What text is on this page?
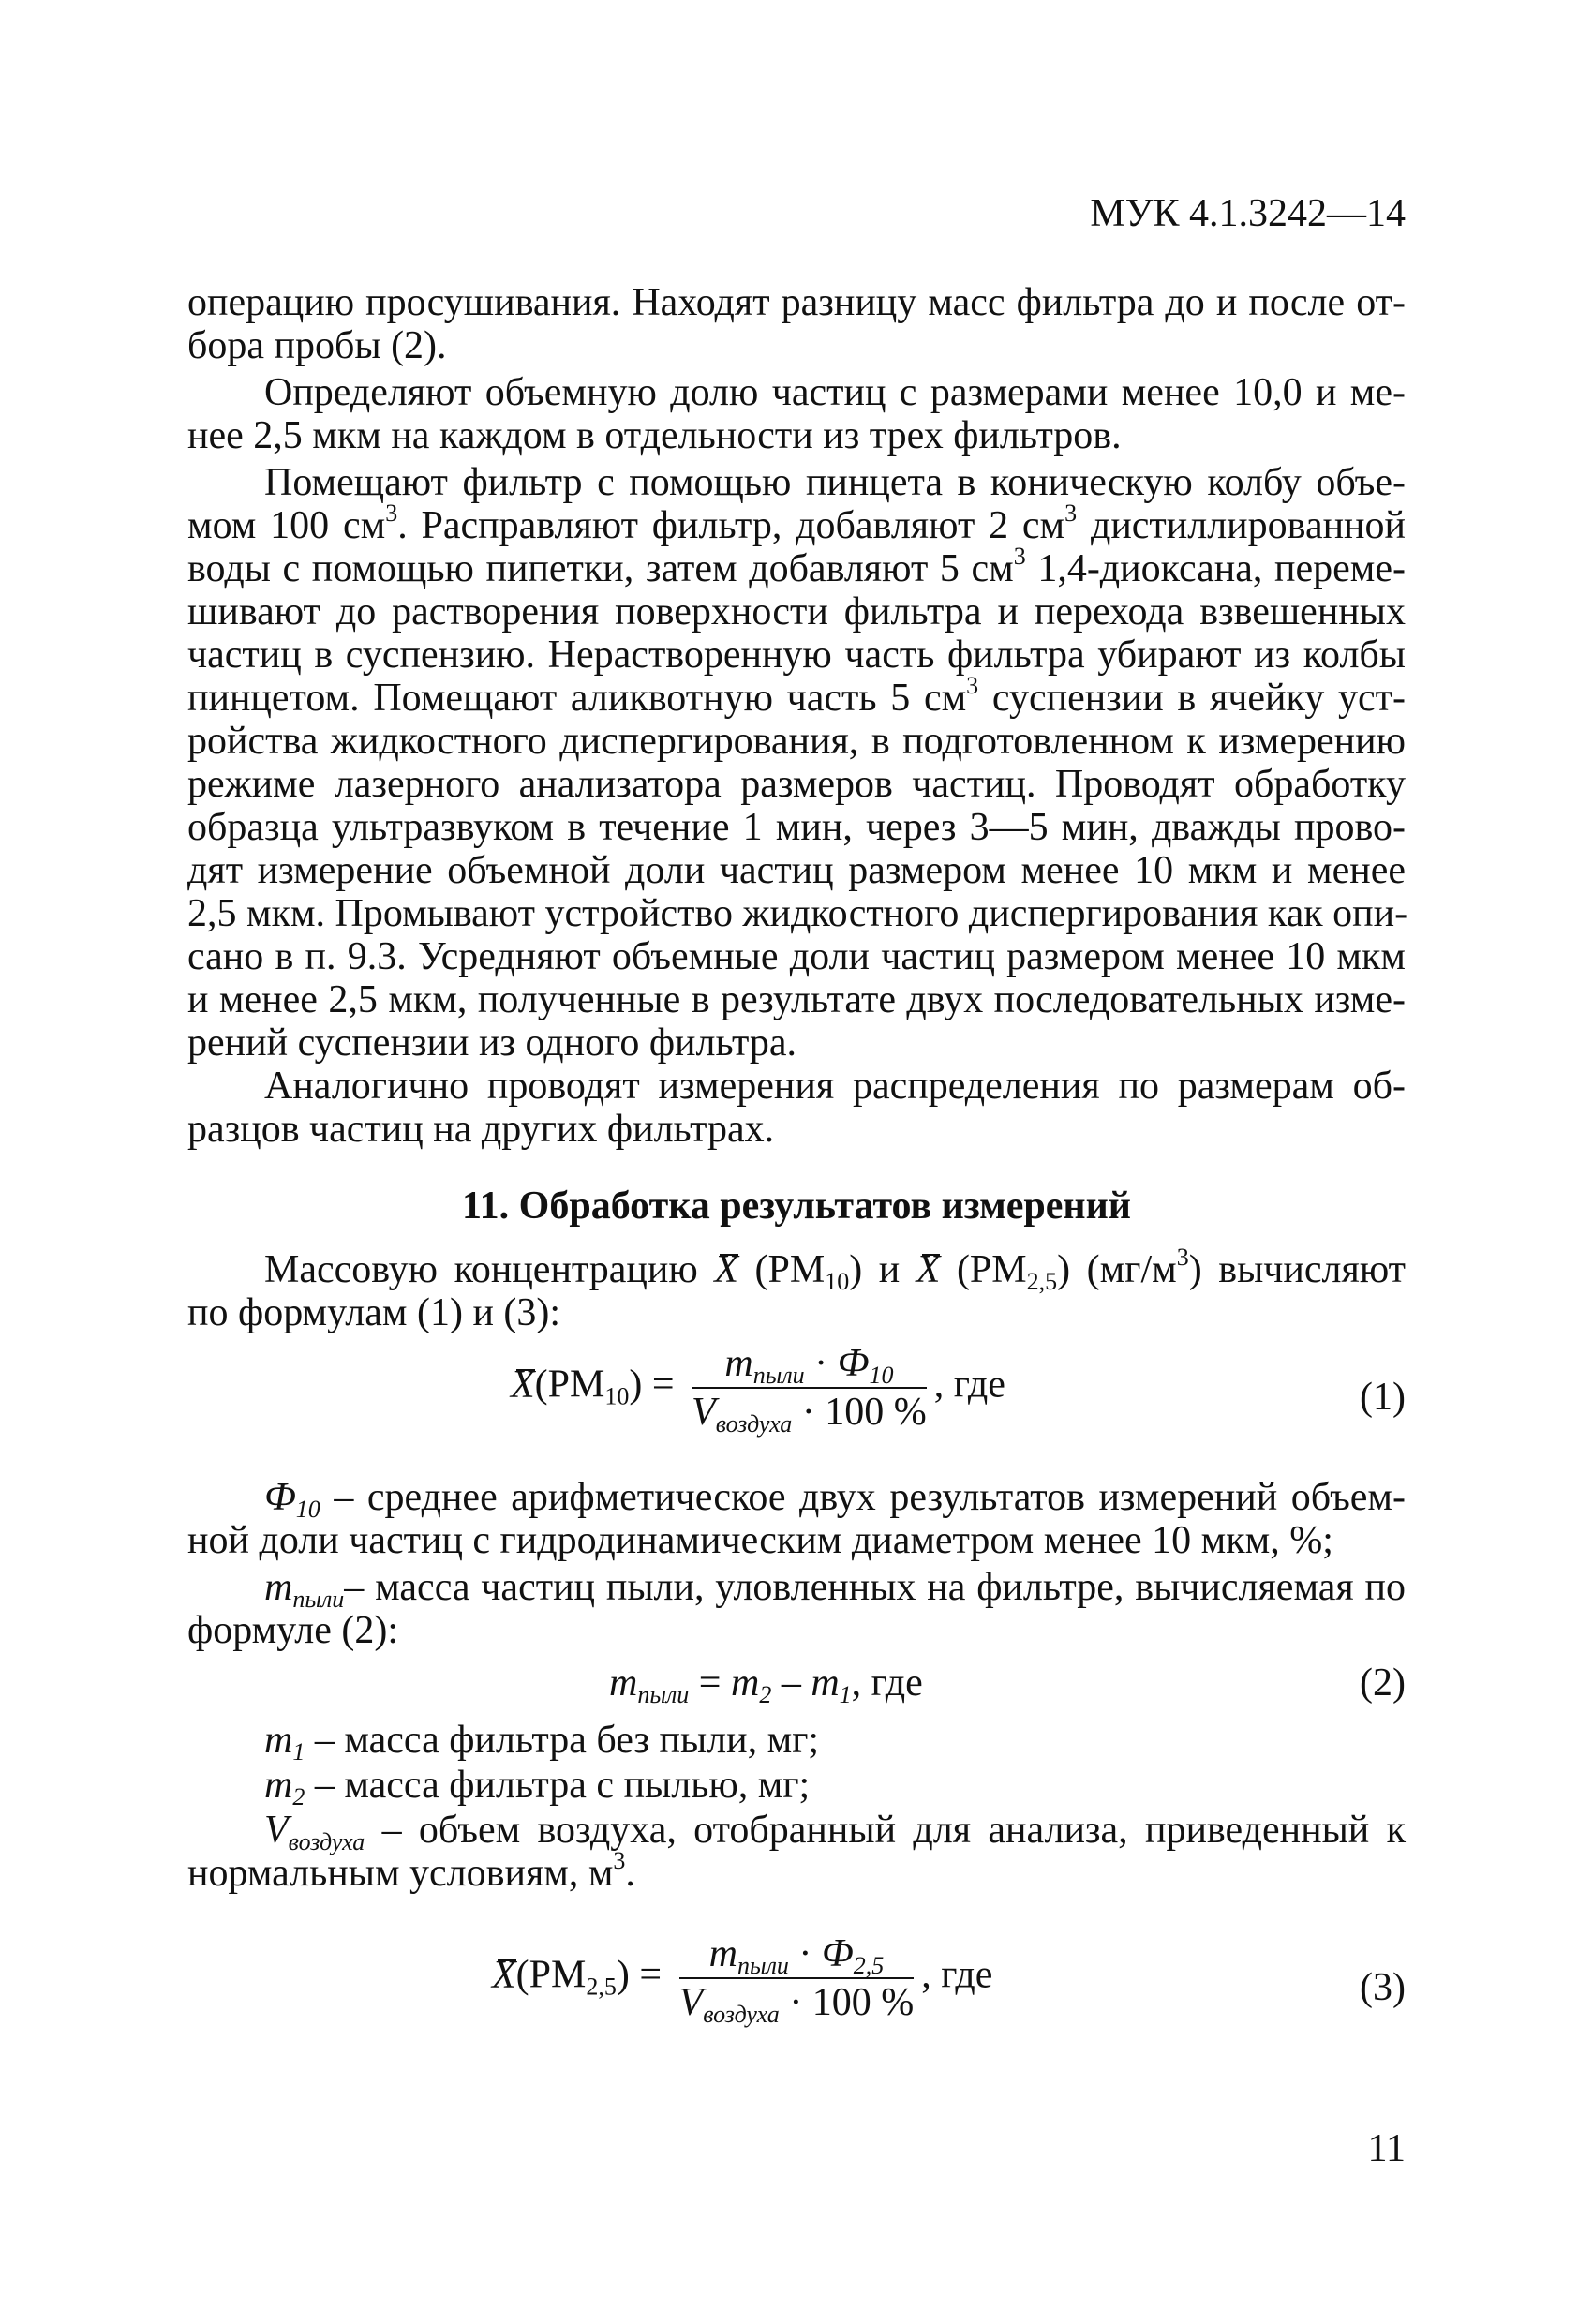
МУК 4.1.3242—14
операцию просушивания. Находят разницу масс фильтра до и после от-
бора пробы (2).
Определяют объемную долю частиц с размерами менее 10,0 и ме-
нее 2,5 мкм на каждом в отдельности из трех фильтров.
Помещают фильтр с помощью пинцета в коническую колбу объе-
мом 100 $см^3$. Расправляют фильтр, добавляют 2 $см^3$ дистиллированной
воды с помощью пипетки, затем добавляют 5 $см^3$ 1,4-диоксана, переме-
шивают до растворения поверхности фильтра и перехода взвешенных
частиц в суспензию. Нерастворенную часть фильтра убирают из колбы
пинцетом. Помещают аликвотную часть 5 $см^3$ суспензии в ячейку уст-
ройства жидкостного диспергирования, в подготовленном к измерению
режиме лазерного анализатора размеров частиц. Проводят обработку
образца ультразвуком в течение 1 мин, через 3—5 мин, дважды прово-
дят измерение объемной доли частиц размером менее 10 мкм и менее
2,5 мкм. Промывают устройство жидкостного диспергирования как опи-
сано в п. 9.3. Усредняют объемные доли частиц размером менее 10 мкм
и менее 2,5 мкм, полученные в результате двух последовательных изме-
рений суспензии из одного фильтра.
Аналогично проводят измерения распределения по размерам об-
разцов частиц на других фильтрах.
11. Обработка результатов измерений
Массовую концентрацию X $(PM_{10})$ и X $(PM_{2,5})$ $(мг/м^3)$ вычисляют
по формулам (1) и (3):
$X(PM_{10}) = \frac{m_{пыли} \cdot Ф_{10}}{V_{воздуха} \cdot 100 \%}$ , где	(1)
$Ф_{10}$ – среднее арифметическое двух результатов измерений объем-
ной доли частиц с гидродинамическим диаметром менее 10 мкм, %;
$m_{пыли}-$ масса частиц пыли, уловленных на фильтре, вычисляемая по
формуле (2):
$m_{пыли} = m_2 - m_1$, где	(2)
$m_1$ – масса фильтра без пыли, мг;
$m_2$ – масса фильтра с пылью, мг;
$V_{воздуха}$ – объем воздуха, отобранный для анализа, приведенный к
нормальным условиям, $м^3$.
$X(PM_{2,5}) = \frac{m_{пыли} \cdot Ф_{2,5}}{V_{воздуха} \cdot 100 \%}$ , где	(3)
11
